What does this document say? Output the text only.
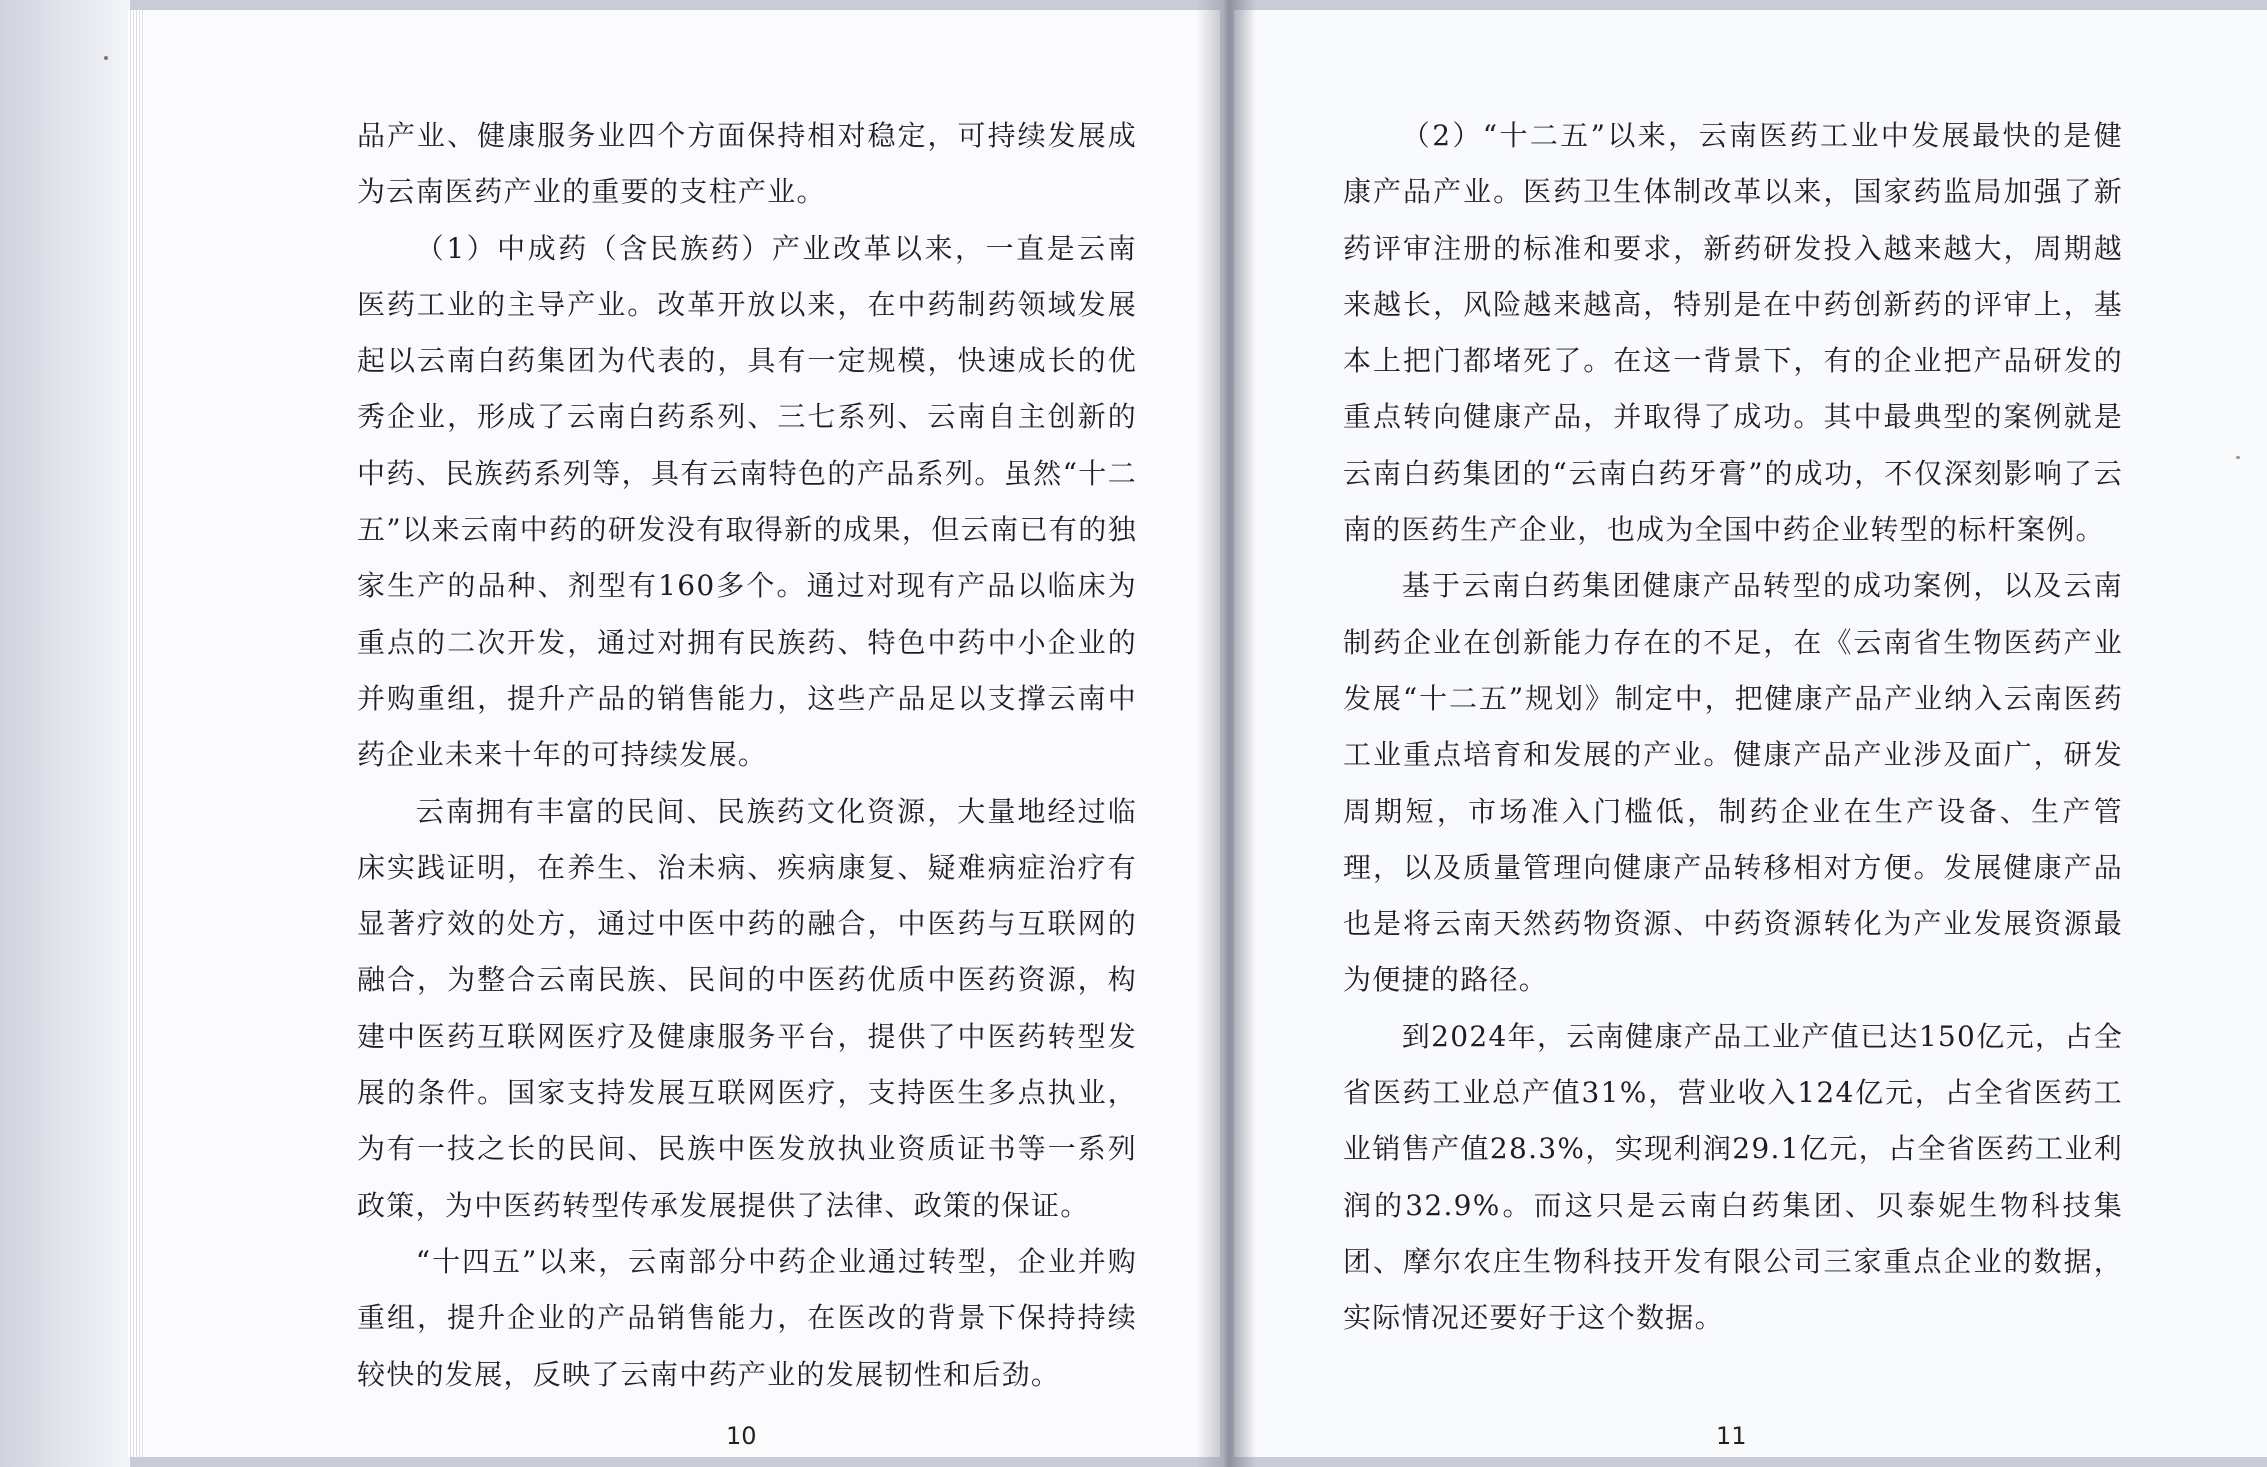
品产业、健康服务业四个方面保持相对稳定，可持续发展成为云南医药产业的重要的支柱产业。

（1）中成药（含民族药）产业改革以来，一直是云南医药工业的主导产业。改革开放以来，在中药制药领域发展起以云南白药集团为代表的，具有一定规模，快速成长的优秀企业，形成了云南白药系列、三七系列、云南自主创新的中药、民族药系列等，具有云南特色的产品系列。虽然“十二五”以来云南中药的研发没有取得新的成果，但云南已有的独家生产的品种、剂型有160多个。通过对现有产品以临床为重点的二次开发，通过对拥有民族药、特色中药中小企业的并购重组，提升产品的销售能力，这些产品足以支撑云南中药企业未来十年的可持续发展。

云南拥有丰富的民间、民族药文化资源，大量地经过临床实践证明，在养生、治未病、疾病康复、疑难病症治疗有显著疗效的处方，通过中医中药的融合，中医药与互联网的融合，为整合云南民族、民间的中医药优质中医药资源，构建中医药互联网医疗及健康服务平台，提供了中医药转型发展的条件。国家支持发展互联网医疗，支持医生多点执业，为有一技之长的民间、民族中医发放执业资质证书等一系列政策，为中医药转型传承发展提供了法律、政策的保证。

“十四五”以来，云南部分中药企业通过转型，企业并购重组，提升企业的产品销售能力，在医改的背景下保持持续较快的发展，反映了云南中药产业的发展韧性和后劲。

（2）“十二五”以来，云南医药工业中发展最快的是健康产品产业。医药卫生体制改革以来，国家药监局加强了新药评审注册的标准和要求，新药研发投入越来越大，周期越来越长，风险越来越高，特别是在中药创新药的评审上，基本上把门都堵死了。在这一背景下，有的企业把产品研发的重点转向健康产品，并取得了成功。其中最典型的案例就是云南白药集团的“云南白药牙膏”的成功，不仅深刻影响了云南的医药生产企业，也成为全国中药企业转型的标杆案例。

基于云南白药集团健康产品转型的成功案例，以及云南制药企业在创新能力存在的不足，在《云南省生物医药产业发展“十二五”规划》制定中，把健康产品产业纳入云南医药工业重点培育和发展的产业。健康产品产业涉及面广，研发周期短，市场准入门槛低，制药企业在生产设备、生产管理，以及质量管理向健康产品转移相对方便。发展健康产品也是将云南天然药物资源、中药资源转化为产业发展资源最为便捷的路径。

到2024年，云南健康产品工业产值已达150亿元，占全省医药工业总产值31%，营业收入124亿元，占全省医药工业销售产值28.3%，实现利润29.1亿元，占全省医药工业利润的32.9%。而这只是云南白药集团、贝泰妮生物科技集团、摩尔农庄生物科技开发有限公司三家重点企业的数据，实际情况还要好于这个数据。

10	11
